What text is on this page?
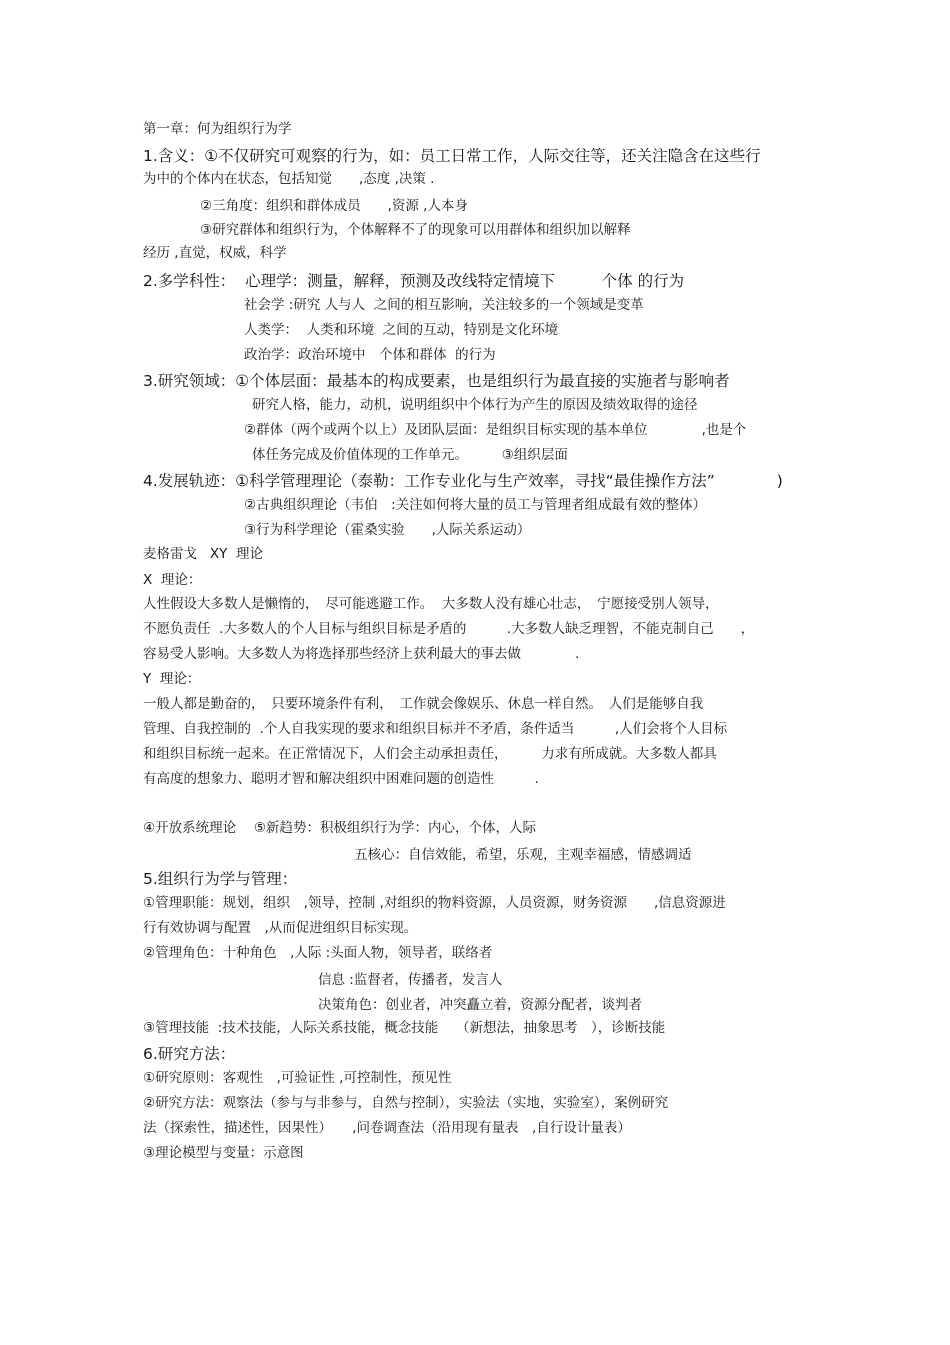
第一章：何为组织行为学

1.含义：①不仅研究可观察的行为，如：员工日常工作，人际交往等，还关注隐含在这些行

为中的个体内在状态，包括知觉　　,态度 ,决策 .

②三角度：组织和群体成员　　,资源 ,人本身

③研究群体和组织行为，个体解释不了的现象可以用群体和组织加以解释

经历 ,直觉，权威，科学

2.多学科性：  心理学：测量，解释，预测及改线特定情境下　　　个体 的行为

社会学 :研究 人与人  之间的相互影响，关注较多的一个领域是变革

人类学：  人类和环境  之间的互动，特别是文化环境

政治学：政治环境中　个体和群体  的行为

3.研究领域：①个体层面：最基本的构成要素，也是组织行为最直接的实施者与影响者

研究人格，能力，动机，说明组织中个体行为产生的原因及绩效取得的途径

②群体（两个或两个以上）及团队层面：是组织目标实现的基本单位　　　　,也是个

体任务完成及价值体现的工作单元。　　　③组织层面

4.发展轨迹：①科学管理理论（泰勒：工作专业化与生产效率，寻找“最佳操作方法”　　　　)

②古典组织理论（韦伯　:关注如何将大量的员工与管理者组成最有效的整体）

③行为科学理论（霍桑实验　　,人际关系运动）

麦格雷戈   XY  理论

X  理论：

人性假设大多数人是懒惰的，　尽可能逃避工作。  大多数人没有雄心壮志，　宁愿接受别人领导，

不愿负责任  .大多数人的个人目标与组织目标是矛盾的　　　.大多数人缺乏理智，不能克制自己　　，

容易受人影响。大多数人为将选择那些经济上获利最大的事去做　　　　.

Y  理论：

一般人都是勤奋的，　只要环境条件有利，　工作就会像娱乐、休息一样自然。　人们是能够自我

管理、自我控制的  .个人自我实现的要求和组织目标并不矛盾，条件适当　　　,人们会将个人目标

和组织目标统一起来。在正常情况下，人们会主动承担责任，　　　力求有所成就。大多数人都具

有高度的想象力、聪明才智和解决组织中困难问题的创造性　　　.

④开放系统理论　 ⑤新趋势：积极组织行为学：内心，个体，人际

五核心：自信效能，希望，乐观，主观幸福感，情感调适

5.组织行为学与管理：

①管理职能：规划，组织　,领导，控制 ,对组织的物料资源，人员资源，财务资源　　,信息资源进

行有效协调与配置　,从而促进组织目标实现。

②管理角色：十种角色　,人际 :头面人物，领导者，联络者

信息 :监督者，传播者，发言人

决策角色：创业者，冲突矗立着，资源分配者，谈判者

③管理技能  :技术技能，人际关系技能，概念技能　 （新想法，抽象思考　），诊断技能

6.研究方法：

①研究原则：客观性　,可验证性 ,可控制性，预见性

②研究方法：观察法（参与与非参与，自然与控制），实验法（实地，实验室），案例研究

法（探索性，描述性，因果性）　　,问卷调查法（沿用现有量表　,自行设计量表）

③理论模型与变量：示意图
